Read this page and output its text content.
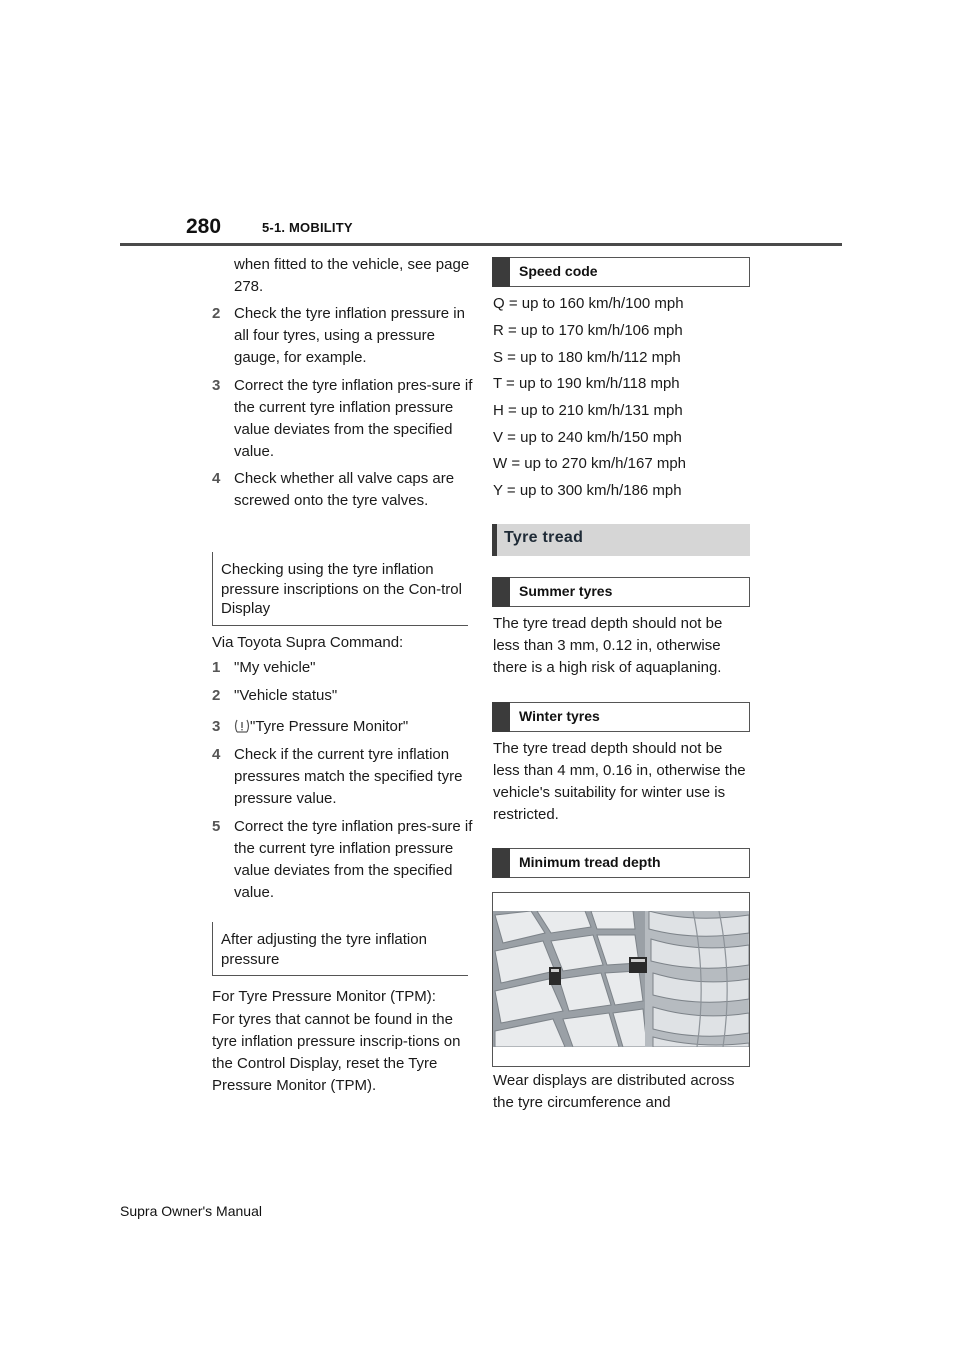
280	5-1. MOBILITY
when fitted to the vehicle, see page 278.
2 Check the tyre inflation pressure in all four tyres, using a pressure gauge, for example.
3 Correct the tyre inflation pres-sure if the current tyre inflation pressure value deviates from the specified value.
4 Check whether all valve caps are screwed onto the tyre valves.
Checking using the tyre inflation pressure inscriptions on the Con-trol Display
Via Toyota Supra Command:
1 "My vehicle"
2 "Vehicle status"
3	"Tyre Pressure Monitor"
4 Check if the current tyre inflation pressures match the specified tyre pressure value.
5 Correct the tyre inflation pres-sure if the current tyre inflation pressure value deviates from the specified value.
After adjusting the tyre inflation pressure
For Tyre Pressure Monitor (TPM):
For tyres that cannot be found in the tyre inflation pressure inscrip-tions on the Control Display, reset the Tyre Pressure Monitor (TPM).
Speed code
Q = up to 160 km/h/100 mph
R = up to 170 km/h/106 mph
S = up to 180 km/h/112 mph
T = up to 190 km/h/118 mph
H = up to 210 km/h/131 mph
V = up to 240 km/h/150 mph
W = up to 270 km/h/167 mph
Y = up to 300 km/h/186 mph
Tyre tread
Summer tyres
The tyre tread depth should not be less than 3 mm, 0.12 in, otherwise there is a high risk of aquaplaning.
Winter tyres
The tyre tread depth should not be less than 4 mm, 0.16 in, otherwise the vehicle's suitability for winter use is restricted.
Minimum tread depth
Wear displays are distributed across the tyre circumference and
Supra Owner's Manual
